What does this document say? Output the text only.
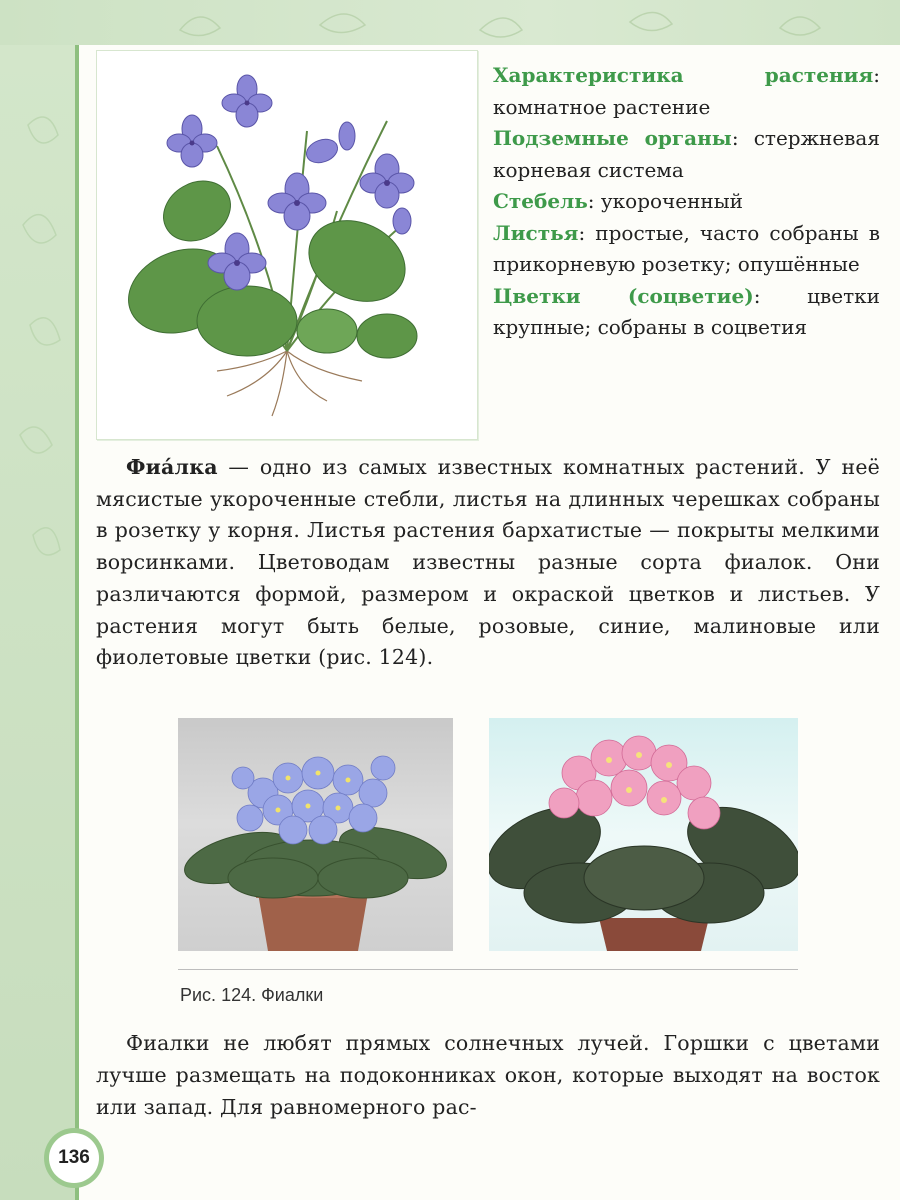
Характеристика растения: комнатное растение

Подземные органы: стержневая корневая система

Стебель: укороченный

Листья: простые, часто собраны в прикорневую розетку; опушённые

Цветки (соцветие): цветки крупные; собраны в соцветия

Фиа́лка — одно из самых известных комнатных растений. У неё мясистые укороченные стебли, листья на длинных черешках собраны в розетку у корня. Листья растения бархатистые — покрыты мелкими ворсинками. Цветоводам известны разные сорта фиалок. Они различаются формой, размером и окраской цветков и листьев. У растения могут быть белые, розовые, синие, малиновые или фиолетовые цветки (рис. 124).

Рис. 124. Фиалки

Фиалки не любят прямых солнечных лучей. Горшки с цветами лучше размещать на подоконниках окон, которые выходят на восток или запад. Для равномерного рас-

136
